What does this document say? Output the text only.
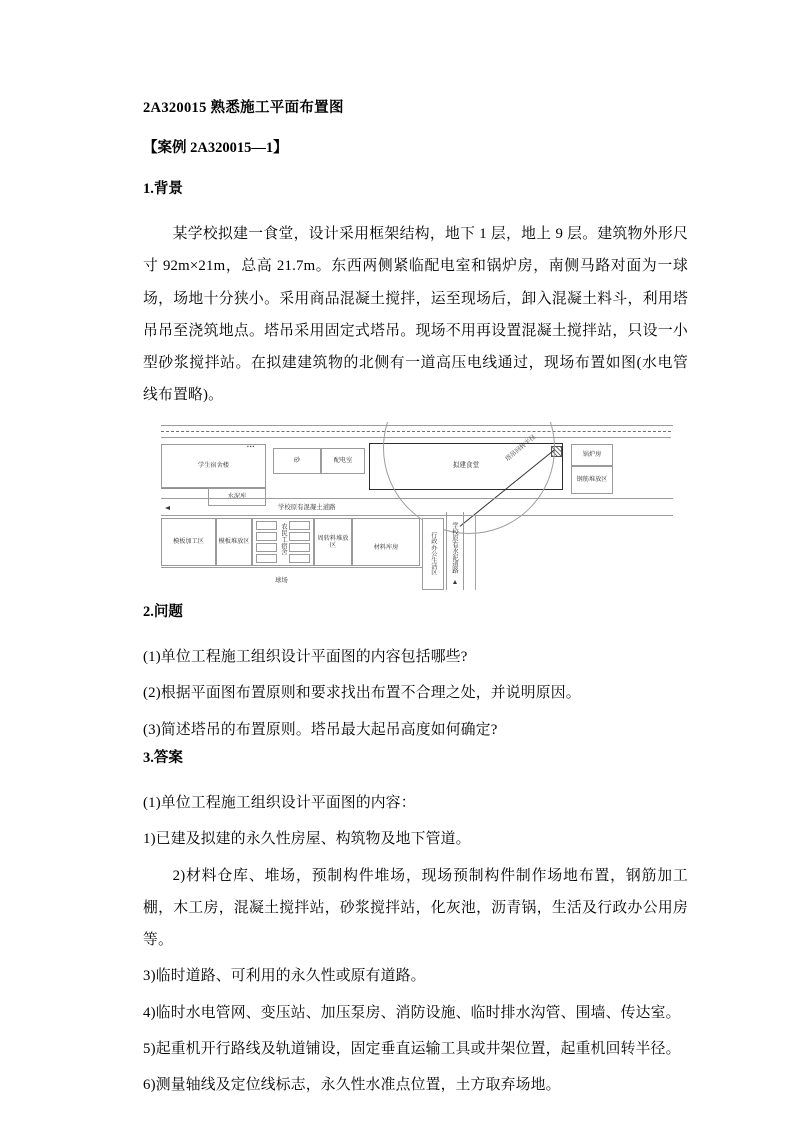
2A320015 熟悉施工平面布置图
【案例 2A320015—1】
1.背景

某学校拟建一食堂，设计采用框架结构，地下 1 层，地上 9 层。建筑物外形尺寸 92m×21m，总高 21.7m。东西两侧紧临配电室和锅炉房，南侧马路对面为一球场，场地十分狭小。采用商品混凝土搅拌，运至现场后，卸入混凝土料斗，利用塔吊吊至浇筑地点。塔吊采用固定式塔吊。现场不用再设置混凝土搅拌站，只设一小型砂浆搅拌站。在拟建建筑物的北侧有一道高压电线通过，现场布置如图(水电管线布置略)。

学生宿舍楼
▪▪▪
水泥库
砂	配电室
拟建食堂
塔吊回转半径	锅炉房
钢筋堆放区
学校原有混凝土道路
模板加工区 模板堆放区	农民工宿舍	周转料堆放区	材料库房	行政办公生活区 学校原有水泥道路
球场
2.问题

(1)单位工程施工组织设计平面图的内容包括哪些?

(2)根据平面图布置原则和要求找出布置不合理之处，并说明原因。

(3)简述塔吊的布置原则。塔吊最大起吊高度如何确定?

3.答案

(1)单位工程施工组织设计平面图的内容：

1)已建及拟建的永久性房屋、构筑物及地下管道。

2)材料仓库、堆场，预制构件堆场，现场预制构件制作场地布置，钢筋加工棚，木工房，混凝土搅拌站，砂浆搅拌站，化灰池，沥青锅，生活及行政办公用房等。

3)临时道路、可利用的永久性或原有道路。

4)临时水电管网、变压站、加压泵房、消防设施、临时排水沟管、围墙、传达室。

5)起重机开行路线及轨道铺设，固定垂直运输工具或井架位置，起重机回转半径。

6)测量轴线及定位线标志，永久性水准点位置，土方取弃场地。
